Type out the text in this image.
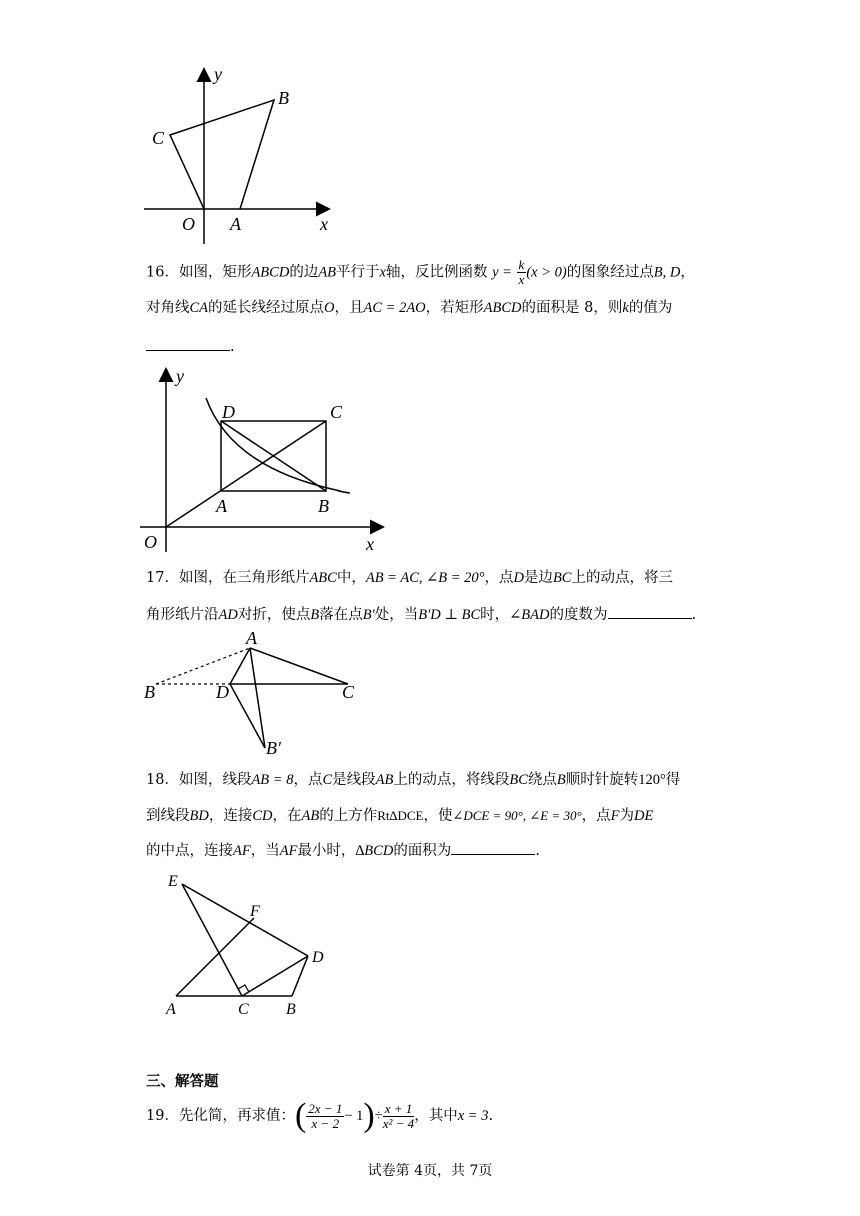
y
x
O A
B
C
16．如图，矩形ABCD的边AB平行于x轴，反比例函数 $y = \frac{k}{x} (x > 0)$的图象经过点B, D，
对角线CA的延长线经过原点O，且AC = 2AO，若矩形ABCD的面积是 8，则k的值为
.
y
x
O
A	B
C
D
17．如图，在三角形纸片ABC中，AB = AC, ∠B = 20°，点D是边BC上的动点，将三
角形纸片沿AD对折，使点B落在点B′处，当B′D ⊥ BC时，∠BAD的度数为	.
A
B	D	C
B′
18．如图，线段AB = 8，点C是线段AB上的动点，将线段BC绕点B顺时针旋转120°得
到线段BD，连接CD，在AB的上方作Rt∆DCE，使∠DCE = 90°, ∠E = 30°，点F为DE
的中点，连接AF，当AF最小时，∆BCD的面积为	.
E
F
D
A	C B
三、解答题
19．先化简，再求值：( $\frac{2x - 1}{x - 2} - 1)\div \frac{x + 1}{\text{x² − 4}}$ ，其中x = 3.
试卷第 4页，共 7页
